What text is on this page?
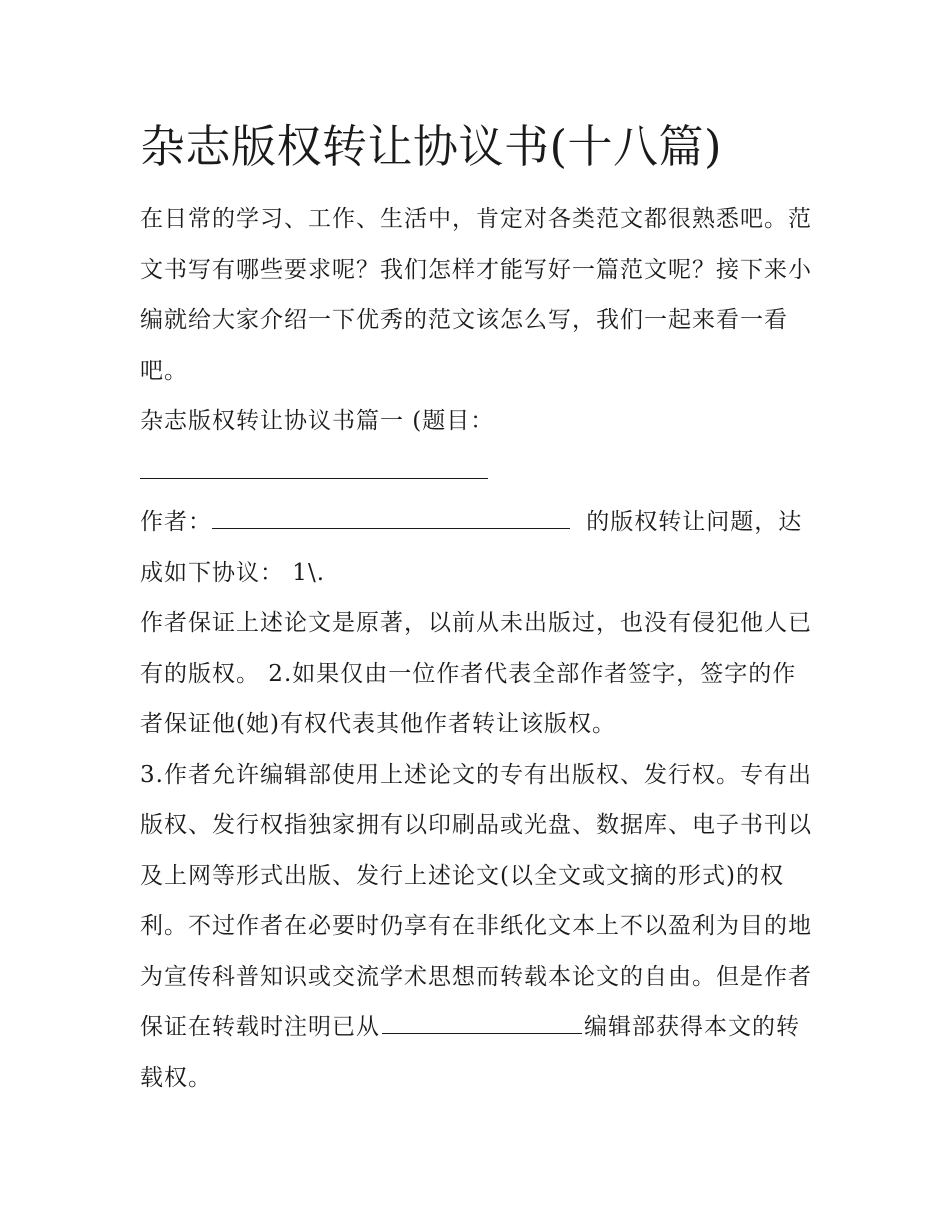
杂志版权转让协议书(十八篇)

在日常的学习、工作、生活中，肯定对各类范文都很熟悉吧。范文书写有哪些要求呢？我们怎样才能写好一篇范文呢？接下来小编就给大家介绍一下优秀的范文该怎么写，我们一起来看一看吧。

杂志版权转让协议书篇一 (题目：

作者：	的版权转让问题，达成如下协议： 1\.

作者保证上述论文是原著，以前从未出版过，也没有侵犯他人已有的版权。 2.如果仅由一位作者代表全部作者签字，签字的作者保证他(她)有权代表其他作者转让该版权。

3.作者允许编辑部使用上述论文的专有出版权、发行权。专有出版权、发行权指独家拥有以印刷品或光盘、数据库、电子书刊以及上网等形式出版、发行上述论文(以全文或文摘的形式)的权利。不过作者在必要时仍享有在非纸化文本上不以盈利为目的地为宣传科普知识或交流学术思想而转载本论文的自由。但是作者保证在转载时注明已从	编辑部获得本文的转载权。
